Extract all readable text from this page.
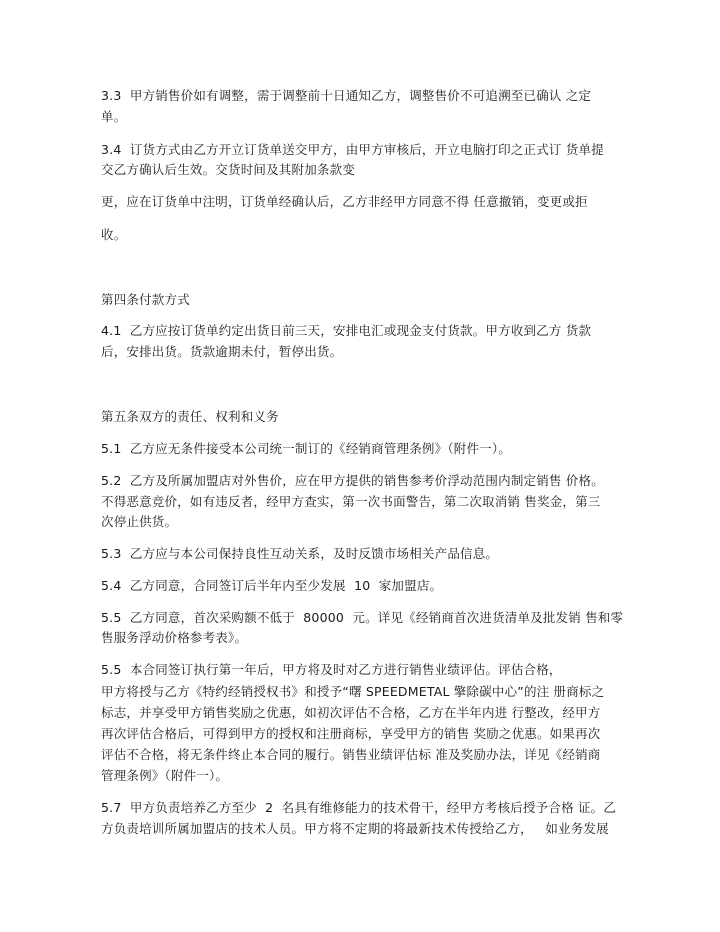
3.3  甲方销售价如有调整，需于调整前十日通知乙方，调整售价不可追溯至已确认 之定
单。
3.4  订货方式由乙方开立订货单送交甲方，由甲方审核后，开立电脑打印之正式订 货单提
交乙方确认后生效。交货时间及其附加条款变
更，应在订货单中注明，订货单经确认后，乙方非经甲方同意不得 任意撤销，变更或拒
收。
第四条付款方式
4.1  乙方应按订货单约定出货日前三天，安排电汇或现金支付货款。甲方收到乙方 货款
后，安排出货。货款逾期未付，暂停出货。
第五条双方的责任、权利和义务
5.1  乙方应无条件接受本公司统一制订的《经销商管理条例》（附件一）。
5.2  乙方及所属加盟店对外售价，应在甲方提供的销售参考价浮动范围内制定销售 价格。
不得恶意竞价，如有违反者，经甲方查实，第一次书面警告，第二次取消销 售奖金，第三
次停止供货。
5.3  乙方应与本公司保持良性互动关系，及时反馈市场相关产品信息。
5.4  乙方同意，合同签订后半年内至少发展  10  家加盟店。
5.5  乙方同意，首次采购额不低于  80000  元。详见《经销商首次进货清单及批发销 售和零
售服务浮动价格参考表》。
5.5  本合同签订执行第一年后，甲方将及时对乙方进行销售业绩评估。评估合格，
甲方将授与乙方《特约经销授权书》和授予“曙 SPEEDMETAL 擎除碳中心”的注 册商标之
标志，并享受甲方销售奖励之优惠，如初次评估不合格，乙方在半年内进 行整改，经甲方
再次评估合格后，可得到甲方的授权和注册商标，享受甲方的销售 奖励之优惠。如果再次
评估不合格，将无条件终止本合同的履行。销售业绩评估标 准及奖励办法，详见《经销商
管理条例》（附件一）。
5.7  甲方负责培养乙方至少  2  名具有维修能力的技术骨干，经甲方考核后授予合格 证。乙
方负责培训所属加盟店的技术人员。甲方将不定期的将最新技术传授给乙方，   如业务发展
